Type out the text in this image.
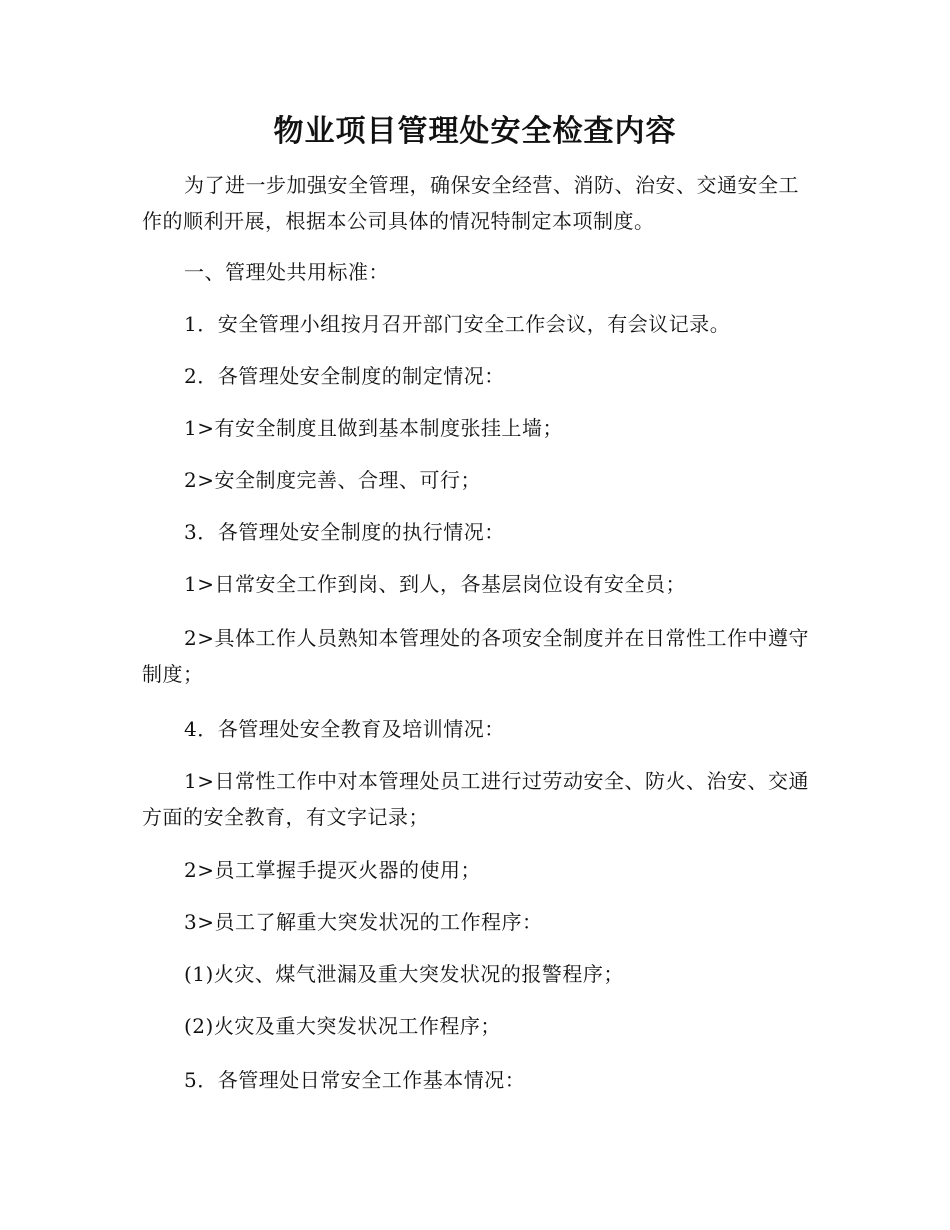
物业项目管理处安全检查内容

为了进一步加强安全管理，确保安全经营、消防、治安、交通安全工作的顺利开展，根据本公司具体的情况特制定本项制度。

一、管理处共用标准：

1．安全管理小组按月召开部门安全工作会议，有会议记录。

2．各管理处安全制度的制定情况：

1>有安全制度且做到基本制度张挂上墙；

2>安全制度完善、合理、可行；

3．各管理处安全制度的执行情况：

1>日常安全工作到岗、到人，各基层岗位设有安全员；

2>具体工作人员熟知本管理处的各项安全制度并在日常性工作中遵守制度；

4．各管理处安全教育及培训情况：

1>日常性工作中对本管理处员工进行过劳动安全、防火、治安、交通方面的安全教育，有文字记录；

2>员工掌握手提灭火器的使用；

3>员工了解重大突发状况的工作程序：

(1)火灾、煤气泄漏及重大突发状况的报警程序；

(2)火灾及重大突发状况工作程序；

5．各管理处日常安全工作基本情况：
